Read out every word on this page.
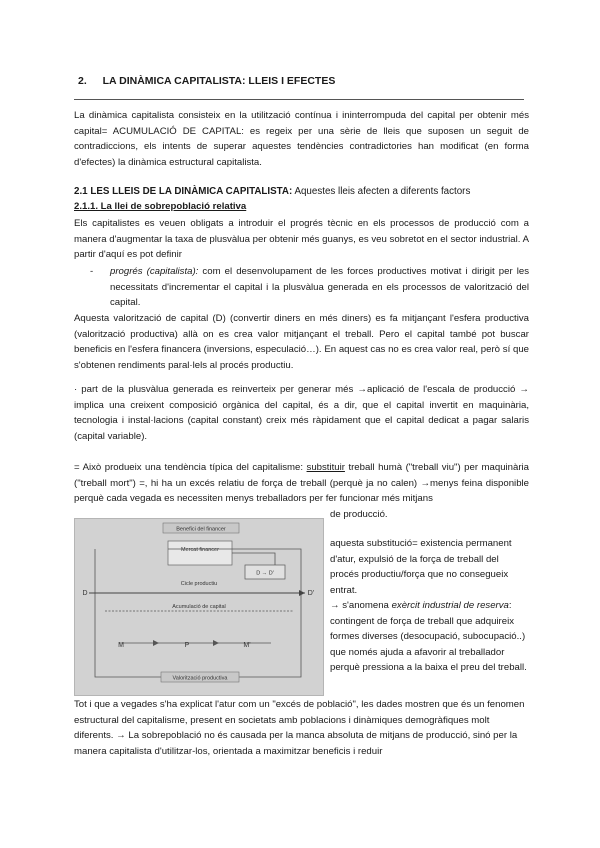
2. LA DINÀMICA CAPITALISTA: LLEIS I EFECTES

La dinàmica capitalista consisteix en la utilització contínua i ininterrompuda del capital per obtenir més capital= ACUMULACIÓ DE CAPITAL: es regeix per una sèrie de lleis que suposen un seguit de contradiccions, els intents de superar aquestes tendències contradictories han modificat (en forma d'efectes) la dinàmica estructural capitalista.

2.1 LES LLEIS DE LA DINÀMICA CAPITALISTA: Aquestes lleis afecten a diferents factors
2.1.1. La llei de sobrepoblació relativa

Els capitalistes es veuen obligats a introduir el progrés tècnic en els processos de producció com a manera d'augmentar la taxa de plusvàlua per obtenir més guanys, es veu sobretot en el sector industrial. A partir d'aquí es pot definir

- progrés (capitalista): com el desenvolupament de les forces productives motivat i dirigit per les necessitats d'incrementar el capital i la plusvàlua generada en els processos de valorització del capital.

Aquesta valorització de capital (D) (convertir diners en més diners) es fa mitjançant l'esfera productiva (valorització productiva) allà on es crea valor mitjançant el treball. Pero el capital també pot buscar beneficis en l'esfera financera (inversions, especulació…). En aquest cas no es crea valor real, però sí que s'obtenen rendiments paral·lels al procés productiu.

· part de la plusvàlua generada es reinverteix per generar més →aplicació de l'escala de producció → implica una creixent composició orgànica del capital, és a dir, que el capital invertit en maquinària, tecnologia i instal·lacions (capital constant) creix més ràpidament que el capital dedicat a pagar salaris (capital variable).

= Això produeix una tendència típica del capitalisme: substituir treball humà ("treball viu") per maquinària ("treball mort") =, hi ha un excés relatiu de força de treball (perquè ja no calen) →menys feina disponible perquè cada vegada es necessiten menys treballadors per fer funcionar més mitjans

de producció.
Benefici del financer
Mercat financer
D → D'
Cicle productiu
D	D'
Acumulació de capital
M	P	M'
Valorització productiva

aquesta substitució= existencia permanent d'atur, expulsió de la força de treball del procés productiu/força que no consegueix entrat.

→ s'anomena exèrcit industrial de reserva: contingent de força de treball que adquireix formes diverses (desocupació, subocupació..) que només ajuda a afavorir al treballador perquè pressiona a la baixa el preu del treball.

Tot i que a vegades s'ha explicat l'atur com un "excés de població", les dades mostren que és un fenomen estructural del capitalisme, present en societats amb poblacions i dinàmiques demogràfiques molt diferents. → La sobrepoblació no és causada per la manca absoluta de mitjans de producció, sinó per la manera capitalista d'utilitzar-los, orientada a maximitzar beneficis i reduir
